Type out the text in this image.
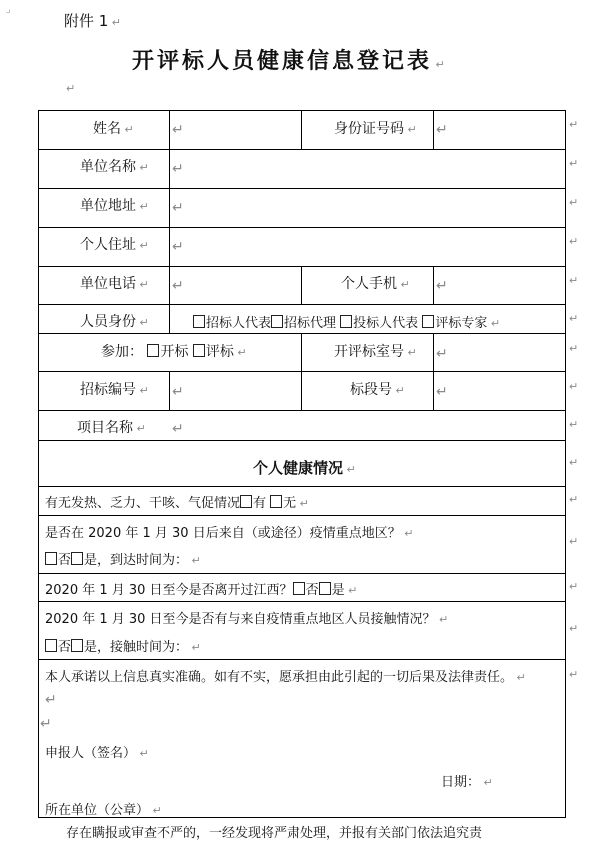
附件 1 ↵
⌟
开评标人员健康信息登记表 ↵
↵
姓名 ↵	↵	身份证号码 ↵ ↵
单位名称 ↵ ↵
单位地址 ↵ ↵
个人住址 ↵ ↵
单位电话 ↵ ↵	个人手机 ↵ ↵
人员身份 ↵	招标人代表 招标代理 投标人代表 评标专家 ↵
参加： 开标 评标 ↵	开评标室号 ↵ ↵
招标编号 ↵ ↵	标段号 ↵ ↵
项目名称 ↵ ↵
个人健康情况 ↵
有无发热、乏力、干咳、气促情况 有 无 ↵
是否在 2020 年 1 月 30 日后来自（或途径）疫情重点地区？ ↵
否 是，到达时间为： ↵
2020 年 1 月 30 日至今是否离开过江西？ 否 是 ↵
2020 年 1 月 30 日至今是否有与来自疫情重点地区人员接触情况？ ↵
否 是，接触时间为： ↵
本人承诺以上信息真实准确。如有不实，愿承担由此引起的一切后果及法律责任。 ↵
↵
↵
申报人（签名） ↵
日期： ↵
所在单位（公章） ↵
↵
↵
↵
↵
↵
↵
↵
↵
↵
↵
↵
↵
↵
↵
↵
存在瞒报或审查不严的，一经发现将严肃处理，并报有关部门依法追究责
